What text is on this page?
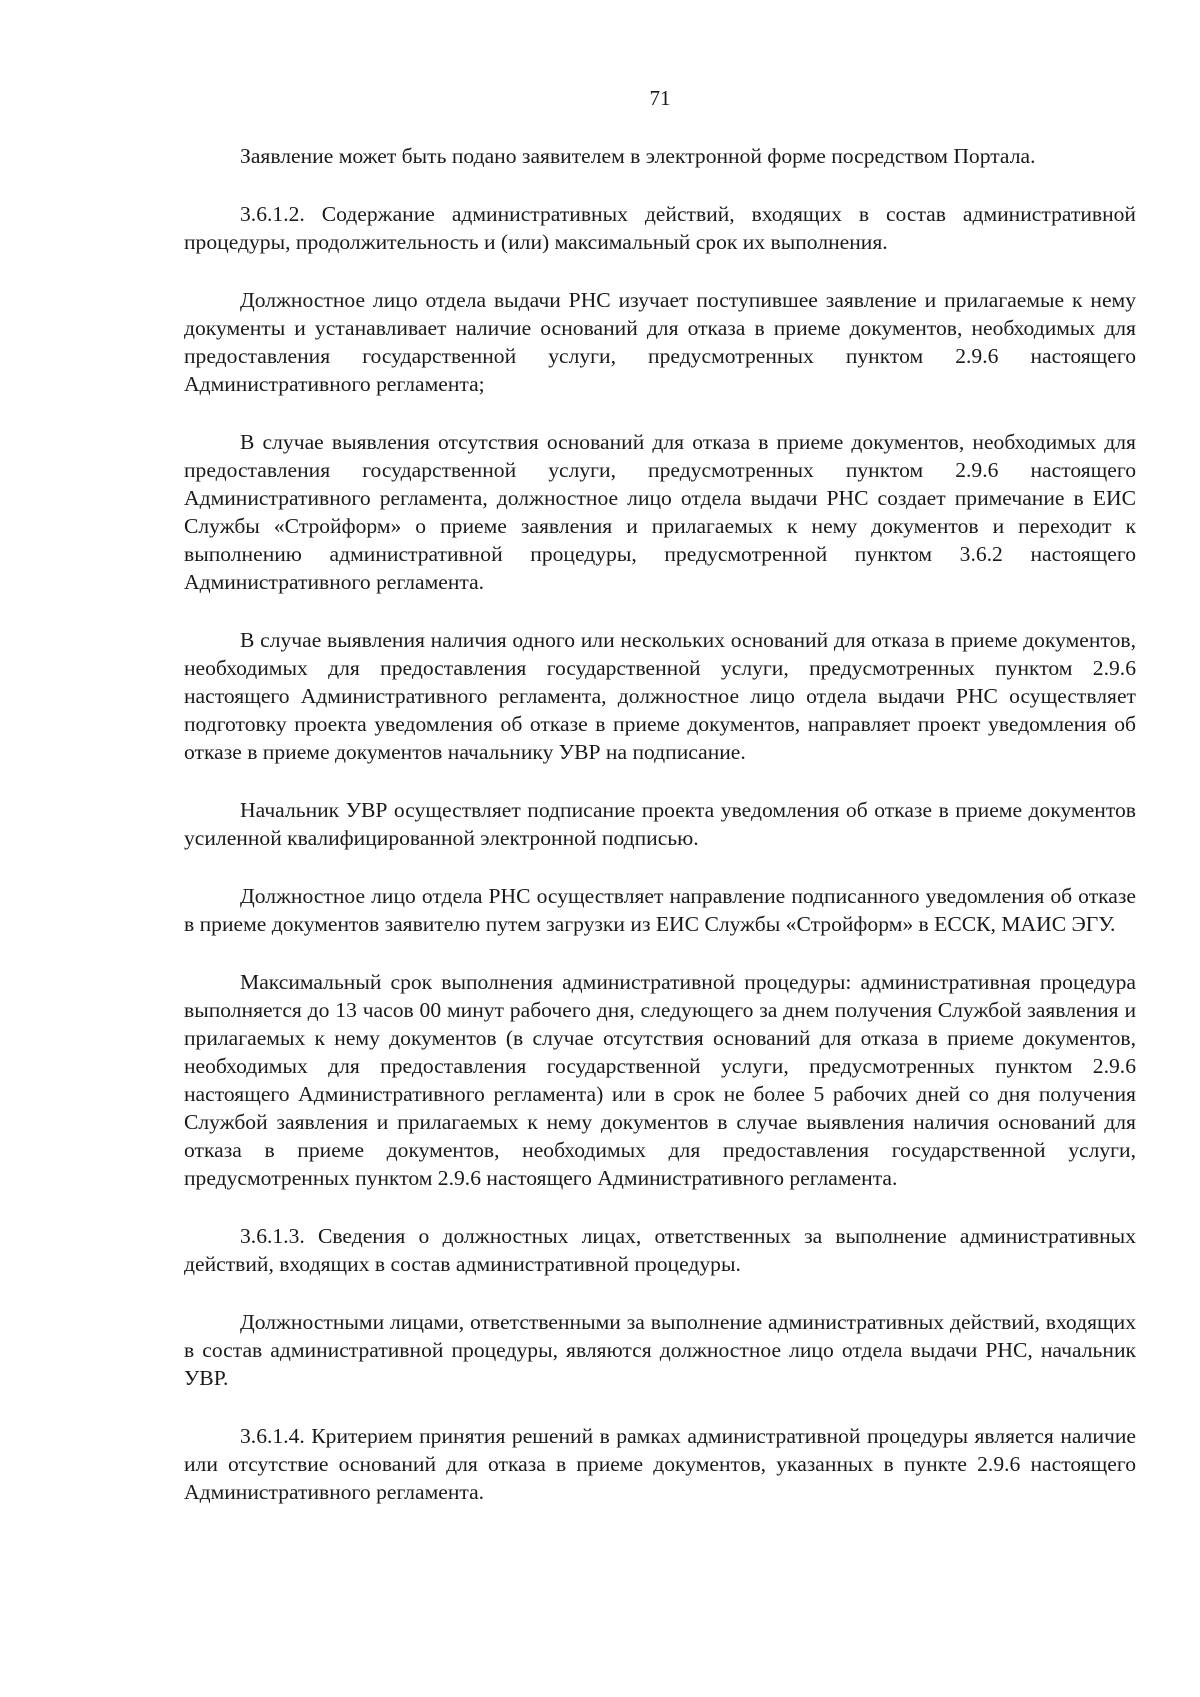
71

Заявление может быть подано заявителем в электронной форме посредством Портала.

3.6.1.2. Содержание административных действий, входящих в состав административной процедуры, продолжительность и (или) максимальный срок их выполнения.

Должностное лицо отдела выдачи РНС изучает поступившее заявление и прилагаемые к нему документы и устанавливает наличие оснований для отказа в приеме документов, необходимых для предоставления государственной услуги, предусмотренных пунктом 2.9.6 настоящего Административного регламента;

В случае выявления отсутствия оснований для отказа в приеме документов, необходимых для предоставления государственной услуги, предусмотренных пунктом 2.9.6 настоящего Административного регламента, должностное лицо отдела выдачи РНС создает примечание в ЕИС Службы «Стройформ» о приеме заявления и прилагаемых к нему документов и переходит к выполнению административной процедуры, предусмотренной пунктом 3.6.2 настоящего Административного регламента.

В случае выявления наличия одного или нескольких оснований для отказа в приеме документов, необходимых для предоставления государственной услуги, предусмотренных пунктом 2.9.6 настоящего Административного регламента, должностное лицо отдела выдачи РНС осуществляет подготовку проекта уведомления об отказе в приеме документов, направляет проект уведомления об отказе в приеме документов начальнику УВР на подписание.

Начальник УВР осуществляет подписание проекта уведомления об отказе в приеме документов усиленной квалифицированной электронной подписью.

Должностное лицо отдела РНС осуществляет направление подписанного уведомления об отказе в приеме документов заявителю путем загрузки из ЕИС Службы «Стройформ» в ЕССК, МАИС ЭГУ.

Максимальный срок выполнения административной процедуры: административная процедура выполняется до 13 часов 00 минут рабочего дня, следующего за днем получения Службой заявления и прилагаемых к нему документов (в случае отсутствия оснований для отказа в приеме документов, необходимых для предоставления государственной услуги, предусмотренных пунктом 2.9.6 настоящего Административного регламента) или в срок не более 5 рабочих дней со дня получения Службой заявления и прилагаемых к нему документов в случае выявления наличия оснований для отказа в приеме документов, необходимых для предоставления государственной услуги, предусмотренных пунктом 2.9.6 настоящего Административного регламента.

3.6.1.3. Сведения о должностных лицах, ответственных за выполнение административных действий, входящих в состав административной процедуры.

Должностными лицами, ответственными за выполнение административных действий, входящих в состав административной процедуры, являются должностное лицо отдела выдачи РНС, начальник УВР.

3.6.1.4. Критерием принятия решений в рамках административной процедуры является наличие или отсутствие оснований для отказа в приеме документов, указанных в пункте 2.9.6 настоящего Административного регламента.
